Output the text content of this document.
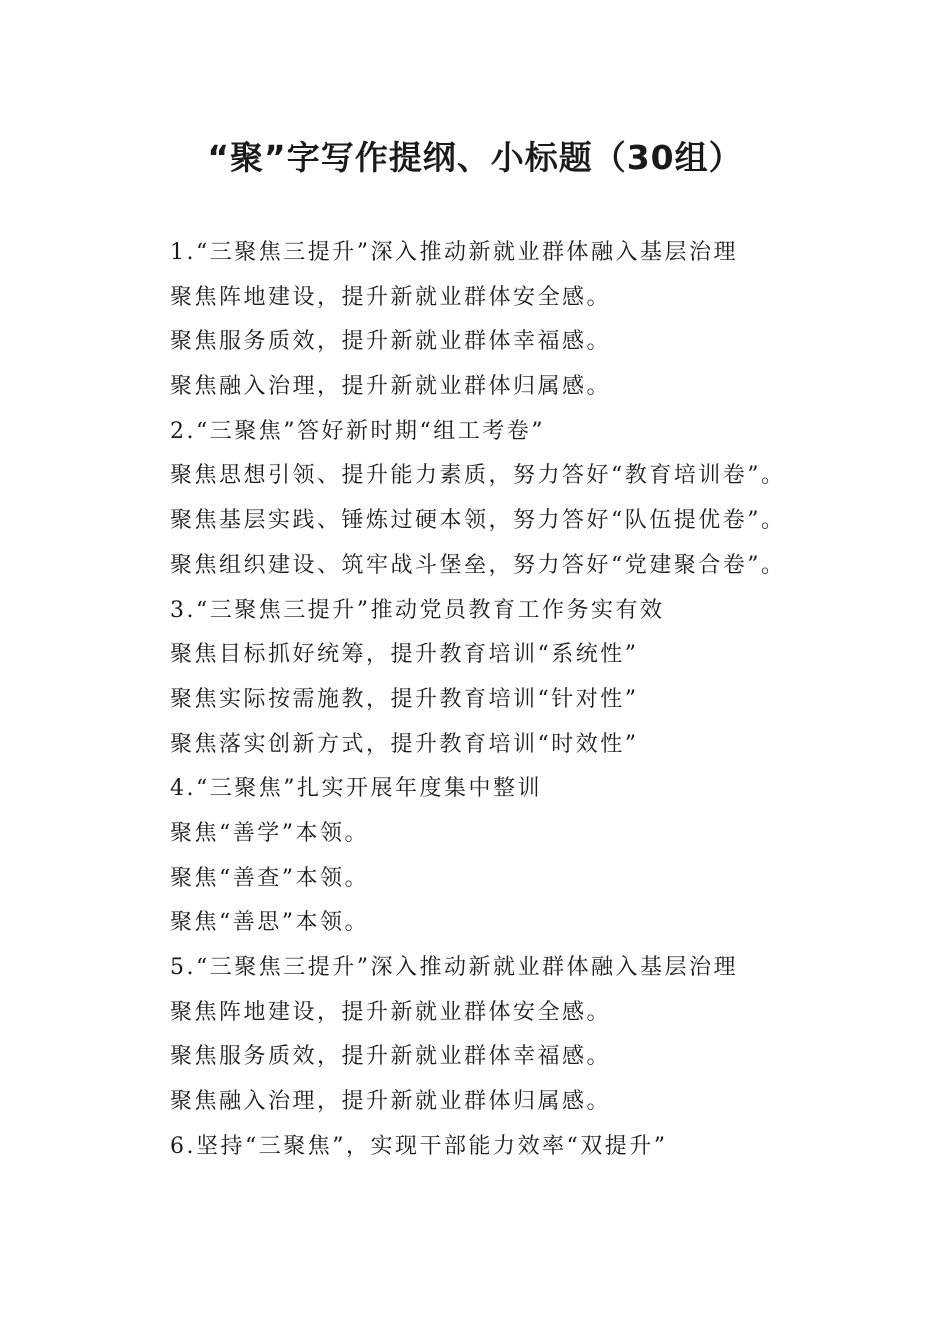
“聚”字写作提纲、小标题（30组）
1.“三聚焦三提升”深入推动新就业群体融入基层治理
聚焦阵地建设，提升新就业群体安全感。
聚焦服务质效，提升新就业群体幸福感。
聚焦融入治理，提升新就业群体归属感。
2.“三聚焦”答好新时期“组工考卷”
聚焦思想引领、提升能力素质，努力答好“教育培训卷”。
聚焦基层实践、锤炼过硬本领，努力答好“队伍提优卷”。
聚焦组织建设、筑牢战斗堡垒，努力答好“党建聚合卷”。
3.“三聚焦三提升”推动党员教育工作务实有效
聚焦目标抓好统筹，提升教育培训“系统性”
聚焦实际按需施教，提升教育培训“针对性”
聚焦落实创新方式，提升教育培训“时效性”
4.“三聚焦”扎实开展年度集中整训
聚焦“善学”本领。
聚焦“善查”本领。
聚焦“善思”本领。
5.“三聚焦三提升”深入推动新就业群体融入基层治理
聚焦阵地建设，提升新就业群体安全感。
聚焦服务质效，提升新就业群体幸福感。
聚焦融入治理，提升新就业群体归属感。
6.坚持“三聚焦”，实现干部能力效率“双提升”
